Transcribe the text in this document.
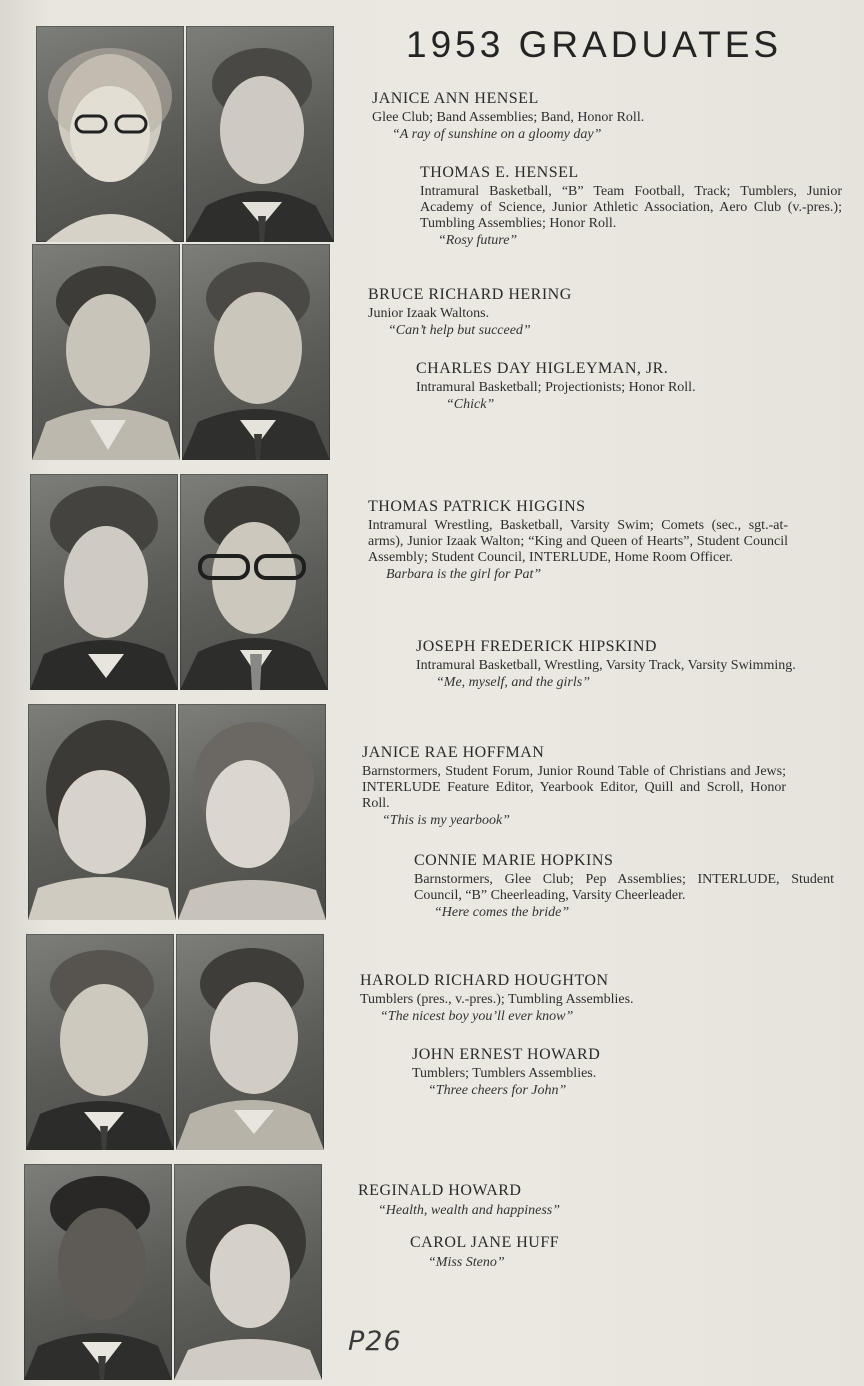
1953 GRADUATES
JANICE ANN HENSEL
Glee Club; Band Assemblies; Band, Honor Roll.
“A ray of sunshine on a gloomy day”
THOMAS E. HENSEL
Intramural Basketball, “B” Team Football, Track; Tumblers, Junior Academy of Science, Junior Athletic Association, Aero Club (v.-pres.); Tumbling Assemblies; Honor Roll.
“Rosy future”
BRUCE RICHARD HERING
Junior Izaak Waltons.
“Can’t help but succeed”
CHARLES DAY HIGLEYMAN, JR.
Intramural Basketball; Projectionists; Honor Roll.
“Chick”
THOMAS PATRICK HIGGINS
Intramural Wrestling, Basketball, Varsity Swim; Comets (sec., sgt.-at-arms), Junior Izaak Walton; “King and Queen of Hearts”, Student Council Assembly; Student Council, INTERLUDE, Home Room Officer.
Barbara is the girl for Pat”
JOSEPH FREDERICK HIPSKIND
Intramural Basketball, Wrestling, Varsity Track, Varsity Swimming.
“Me, myself, and the girls”
JANICE RAE HOFFMAN
Barnstormers, Student Forum, Junior Round Table of Christians and Jews; INTERLUDE Feature Editor, Yearbook Editor, Quill and Scroll, Honor Roll.
“This is my yearbook”
CONNIE MARIE HOPKINS
Barnstormers, Glee Club; Pep Assemblies; INTERLUDE, Student Council, “B” Cheerleading, Varsity Cheerleader.
“Here comes the bride”
HAROLD RICHARD HOUGHTON
Tumblers (pres., v.-pres.); Tumbling Assemblies.
“The nicest boy you’ll ever know”
JOHN ERNEST HOWARD
Tumblers; Tumblers Assemblies.
“Three cheers for John”
REGINALD HOWARD
“Health, wealth and happiness”
CAROL JANE HUFF
“Miss Steno”
P26
